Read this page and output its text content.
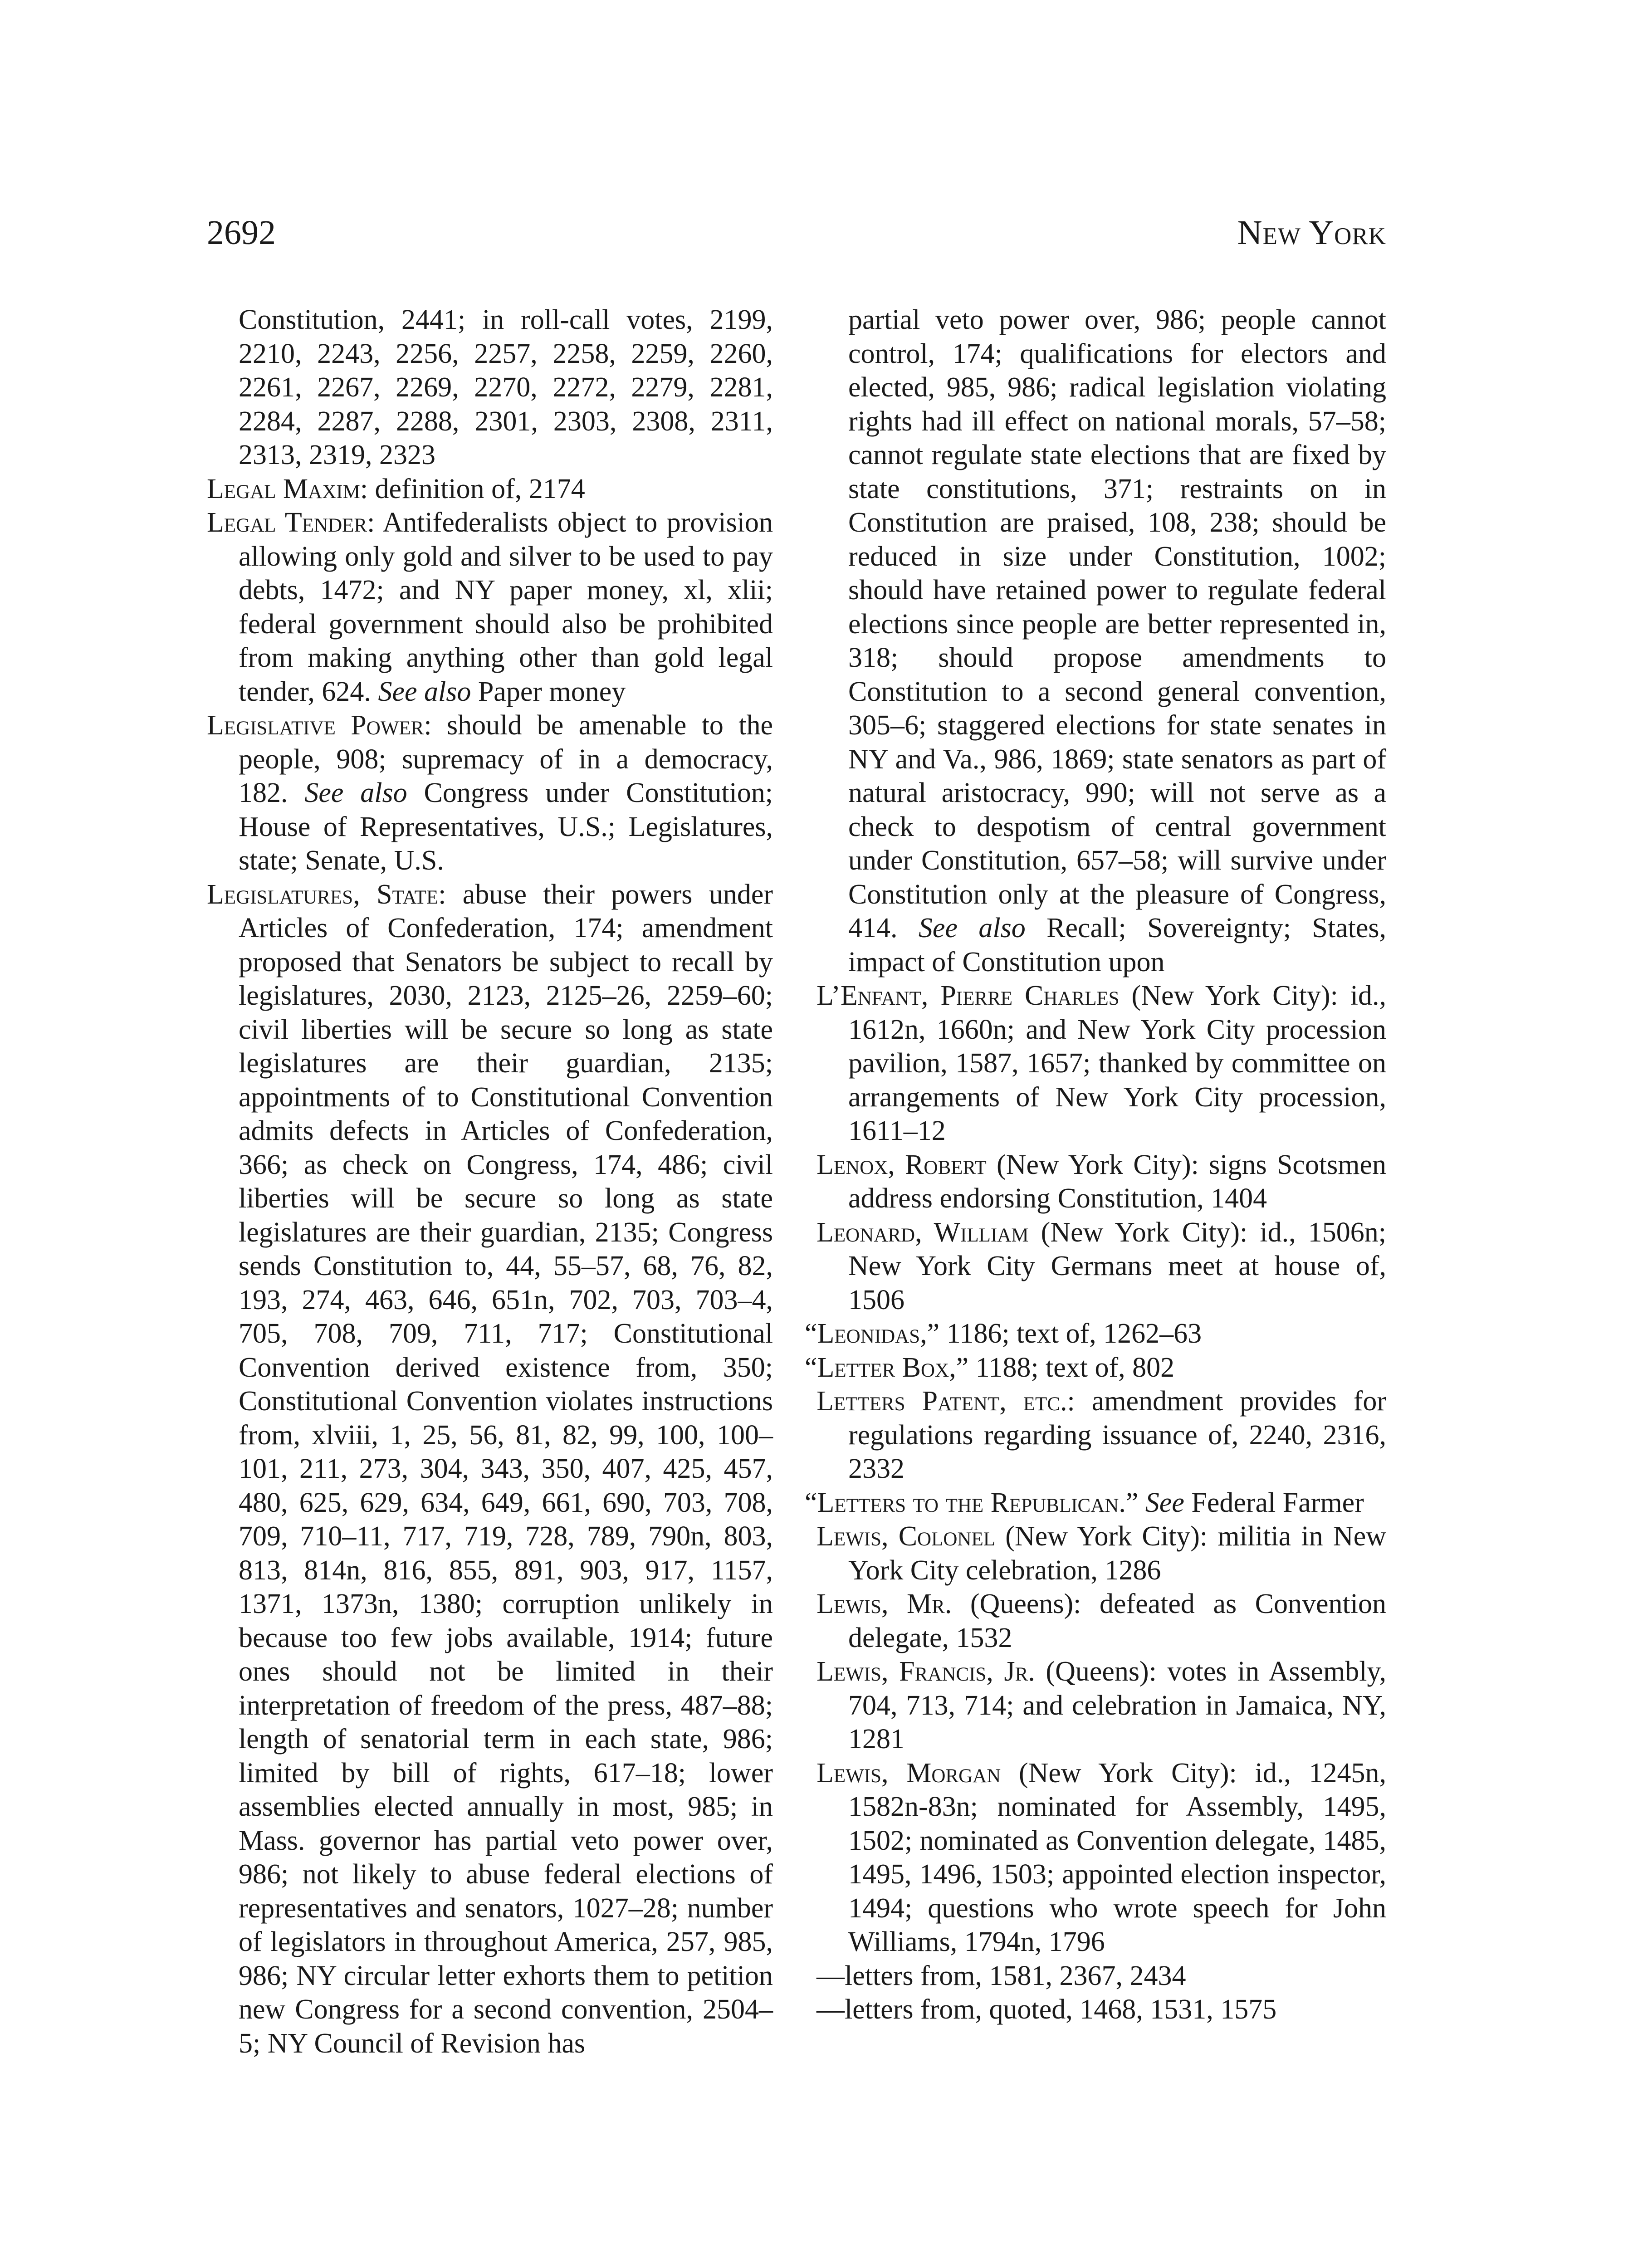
2692	New York

Constitution, 2441; in roll-call votes, 2199, 2210, 2243, 2256, 2257, 2258, 2259, 2260, 2261, 2267, 2269, 2270, 2272, 2279, 2281, 2284, 2287, 2288, 2301, 2303, 2308, 2311, 2313, 2319, 2323

Legal Maxim: definition of, 2174

Legal Tender: Antifederalists object to provision allowing only gold and silver to be used to pay debts, 1472; and NY paper money, xl, xlii; federal government should also be prohibited from making anything other than gold legal tender, 624. See also Paper money

Legislative Power: should be amenable to the people, 908; supremacy of in a democracy, 182. See also Congress under Constitution; House of Representatives, U.S.; Legislatures, state; Senate, U.S.

Legislatures, State: abuse their powers under Articles of Confederation, 174; amendment proposed that Senators be subject to recall by legislatures, 2030, 2123, 2125–26, 2259–60; civil liberties will be secure so long as state legislatures are their guardian, 2135; appointments of to Constitutional Convention admits defects in Articles of Confederation, 366; as check on Congress, 174, 486; civil liberties will be secure so long as state legislatures are their guardian, 2135; Congress sends Constitution to, 44, 55–57, 68, 76, 82, 193, 274, 463, 646, 651n, 702, 703, 703–4, 705, 708, 709, 711, 717; Constitutional Convention derived existence from, 350; Constitutional Convention violates instructions from, xlviii, 1, 25, 56, 81, 82, 99, 100, 100–101, 211, 273, 304, 343, 350, 407, 425, 457, 480, 625, 629, 634, 649, 661, 690, 703, 708, 709, 710–11, 717, 719, 728, 789, 790n, 803, 813, 814n, 816, 855, 891, 903, 917, 1157, 1371, 1373n, 1380; corruption unlikely in because too few jobs available, 1914; future ones should not be limited in their interpretation of freedom of the press, 487–88; length of senatorial term in each state, 986; limited by bill of rights, 617–18; lower assemblies elected annually in most, 985; in Mass. governor has partial veto power over, 986; not likely to abuse federal elections of representatives and senators, 1027–28; number of legislators in throughout America, 257, 985, 986; NY circular letter exhorts them to petition new Congress for a second convention, 2504–5; NY Council of Revision has

partial veto power over, 986; people cannot control, 174; qualifications for electors and elected, 985, 986; radical legislation violating rights had ill effect on national morals, 57–58; cannot regulate state elections that are fixed by state constitutions, 371; restraints on in Constitution are praised, 108, 238; should be reduced in size under Constitution, 1002; should have retained power to regulate federal elections since people are better represented in, 318; should propose amendments to Constitution to a second general convention, 305–6; staggered elections for state senates in NY and Va., 986, 1869; state senators as part of natural aristocracy, 990; will not serve as a check to despotism of central government under Constitution, 657–58; will survive under Constitution only at the pleasure of Congress, 414. See also Recall; Sovereignty; States, impact of Constitution upon

L’Enfant, Pierre Charles (New York City): id., 1612n, 1660n; and New York City procession pavilion, 1587, 1657; thanked by committee on arrangements of New York City procession, 1611–12

Lenox, Robert (New York City): signs Scotsmen address endorsing Constitution, 1404

Leonard, William (New York City): id., 1506n; New York City Germans meet at house of, 1506

“Leonidas,” 1186; text of, 1262–63

“Letter Box,” 1188; text of, 802

Letters Patent, etc.: amendment provides for regulations regarding issuance of, 2240, 2316, 2332

“Letters to the Republican.” See Federal Farmer

Lewis, Colonel (New York City): militia in New York City celebration, 1286

Lewis, Mr. (Queens): defeated as Convention delegate, 1532

Lewis, Francis, Jr. (Queens): votes in Assembly, 704, 713, 714; and celebration in Jamaica, NY, 1281

Lewis, Morgan (New York City): id., 1245n, 1582n-83n; nominated for Assembly, 1495, 1502; nominated as Convention delegate, 1485, 1495, 1496, 1503; appointed election inspector, 1494; questions who wrote speech for John Williams, 1794n, 1796

—letters from, 1581, 2367, 2434

—letters from, quoted, 1468, 1531, 1575
